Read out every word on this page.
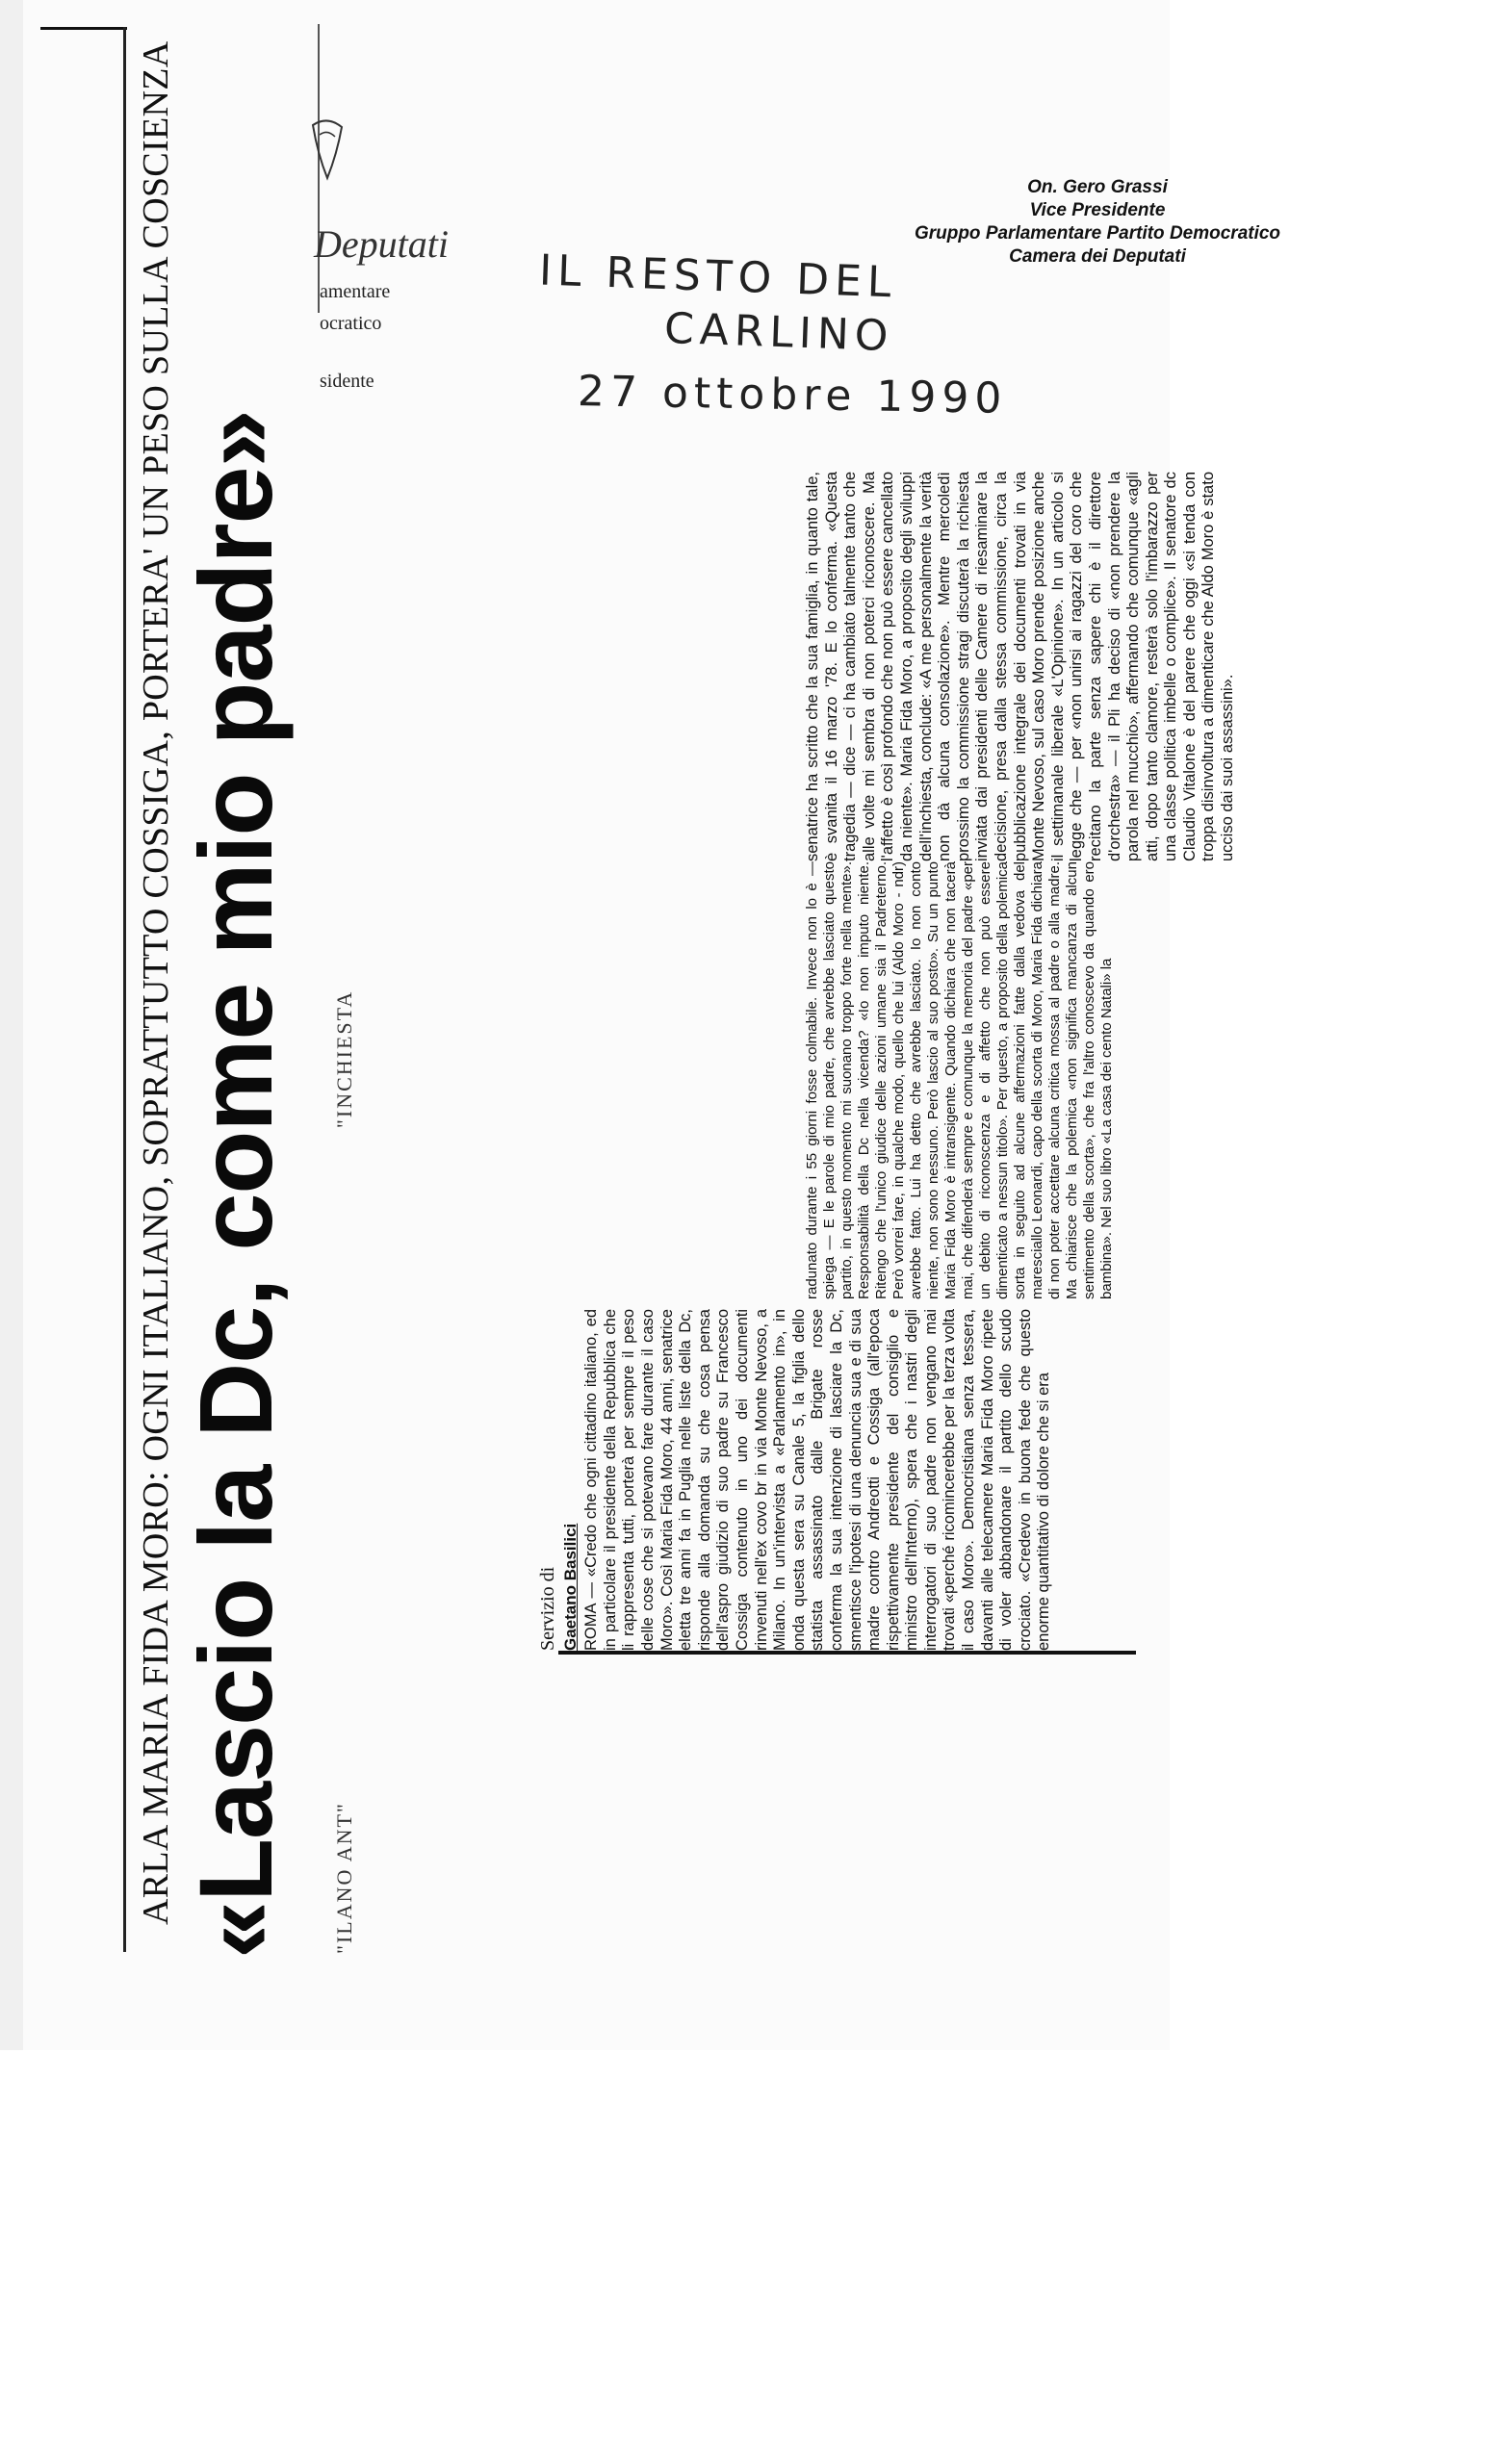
ARLA MARIA FIDA MORO: OGNI ITALIANO, SOPRATTUTTO COSSIGA, PORTERA' UN PESO SULLA COSCIENZA «Lascio la Dc, come mio padre» "ILANO ANT""INCHIESTA
Deputati
amentare
ocratico
sidente
IL RESTO DEL
CARLINO
27 ottobre 1990

Servizio di Gaetano Basilici ROMA — «Credo che ogni cittadino italiano, ed in particolare il presidente della Repubblica che li rappresenta tutti, porterà per sempre il peso delle cose che si potevano fare durante il caso Moro». Così Maria Fida Moro, 44 anni, senatrice eletta tre anni fa in Puglia nelle liste della Dc, risponde alla domanda su che cosa pensa dell'aspro giudizio di suo padre su Francesco Cossiga contenuto in uno dei documenti rinvenuti nell'ex covo br in via Monte Nevoso, a Milano. In un'intervista a «Parlamento in», in onda questa sera su Canale 5, la figlia dello statista assassinato dalle Brigate rosse conferma la sua intenzione di lasciare la Dc, smentisce l'ipotesi di una denuncia sua e di sua madre contro Andreotti e Cossiga (all'epoca rispettivamente presidente del consiglio e ministro dell'Interno), spera che i nastri degli interrogatori di suo padre non vengano mai trovati «perché ricomincerebbe per la terza volta il caso Moro». Democristiana senza tessera, davanti alle telecamere Maria Fida Moro ripete di voler abbandonare il partito dello scudo crociato. «Credevo in buona fede che questo enorme quantitativo di dolore che si era

radunato durante i 55 giorni fosse colmabile. Invece non lo è — spiega — E le parole di mio padre, che avrebbe lasciato questo partito, in questo momento mi suonano troppo forte nella mente». Responsabilità della Dc nella vicenda? «Io non imputo niente. Ritengo che l'unico giudice delle azioni umane sia il Padreterno. Però vorrei fare, in qualche modo, quello che lui (Aldo Moro - ndr) avrebbe fatto. Lui ha detto che avrebbe lasciato. Io non conto niente, non sono nessuno. Però lascio al suo posto». Su un punto Maria Fida Moro è intransigente. Quando dichiara che non tacerà mai, che difenderà sempre e comunque la memoria del padre «per un debito di riconoscenza e di affetto che non può essere dimenticato a nessun titolo». Per questo, a proposito della polemica sorta in seguito ad alcune affermazioni fatte dalla vedova del maresciallo Leonardi, capo della scorta di Moro, Maria Fida dichiara di non poter accettare alcuna critica mossa al padre o alla madre. Ma chiarisce che la polemica «non significa mancanza di alcun sentimento della scorta», che fra l'altro conoscevo da quando ero bambina». Nel suo libro «La casa dei cento Natali» la

senatrice ha scritto che la sua famiglia, in quanto tale, è svanita il 16 marzo '78. E lo conferma. «Questa tragedia — dice — ci ha cambiato talmente tanto che alle volte mi sembra di non poterci riconoscere. Ma l'affetto è così profondo che non può essere cancellato da niente». Maria Fida Moro, a proposito degli sviluppi dell'inchiesta, conclude: «A me personalmente la verità non dà alcuna consolazione». Mentre mercoledì prossimo la commissione stragi discuterà la richiesta inviata dai presidenti delle Camere di riesaminare la decisione, presa dalla stessa commissione, circa la pubblicazione integrale dei documenti trovati in via Monte Nevoso, sul caso Moro prende posizione anche il settimanale liberale «L'Opinione». In un articolo si legge che — per «non unirsi ai ragazzi del coro che recitano la parte senza sapere chi è il direttore d'orchestra» — il Pli ha deciso di «non prendere la parola nel mucchio», affermando che comunque «agli atti, dopo tanto clamore, resterà solo l'imbarazzo per una classe politica imbelle o complice». Il senatore dc Claudio Vitalone è del parere che oggi «si tenda con troppa disinvoltura a dimenticare che Aldo Moro è stato ucciso dai suoi assassini».

On. Gero Grassi
Vice Presidente
Gruppo Parlamentare Partito Democratico
Camera dei Deputati
